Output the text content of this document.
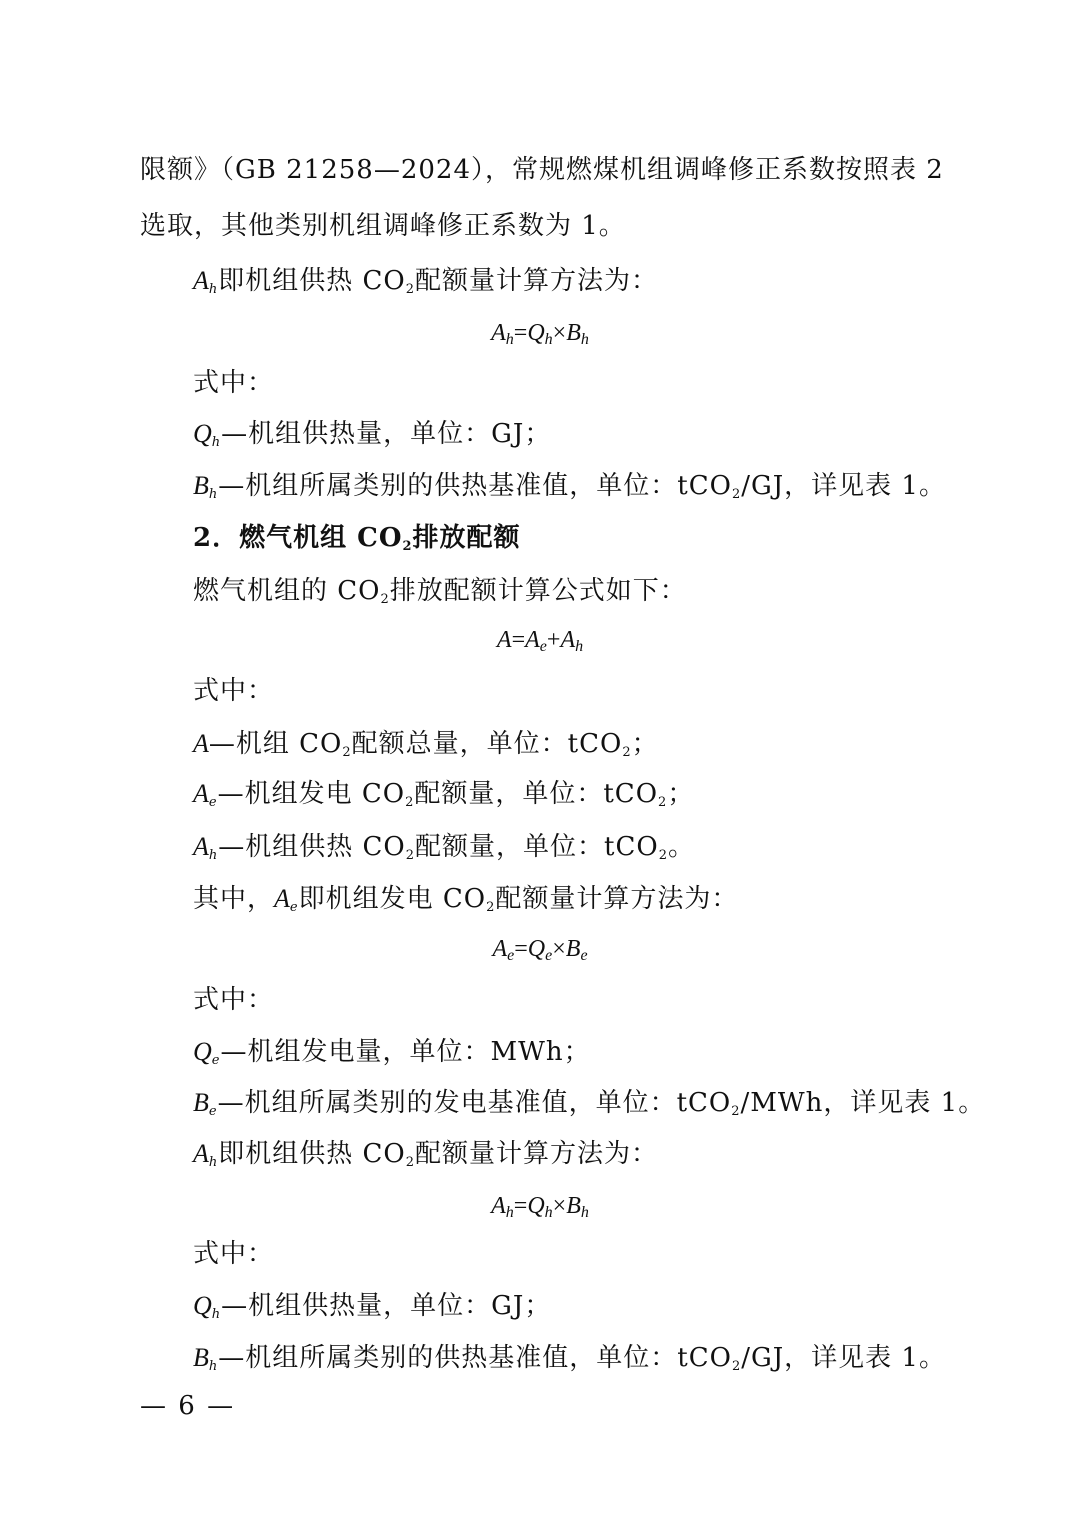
限额》（GB 21258—2024），常规燃煤机组调峰修正系数按照表 2
选取，其他类别机组调峰修正系数为 1。
$A_h$即机组供热 CO2配额量计算方法为：
$A_h=Q_h\times B_h$
式中：
$Q_h—$机组供热量，单位：GJ；
$B_h—$机组所属类别的供热基准值，单位：tCO2/GJ，详见表 1。
2．燃气机组 CO2排放配额
燃气机组的 CO2排放配额计算公式如下：
$A=A_e+A_h$
式中：
A—机组 CO2配额总量，单位：tCO2；
$A_e—$机组发电 CO2配额量，单位：tCO2；
$A_h—$机组供热 CO2配额量，单位：tCO2。
其中，$A_e$即机组发电 CO2配额量计算方法为：
$A_e=Q_e\times B_e$
式中：
$Q_e—$机组发电量，单位：MWh；
$B_e—$机组所属类别的发电基准值，单位：tCO2/MWh，详见表 1。
$A_h$即机组供热 CO2配额量计算方法为：
$A_h=Q_h\times B_h$
式中：
$Q_h—$机组供热量，单位：GJ；
$B_h—$机组所属类别的供热基准值，单位：tCO2/GJ，详见表 1。
— 6 —
